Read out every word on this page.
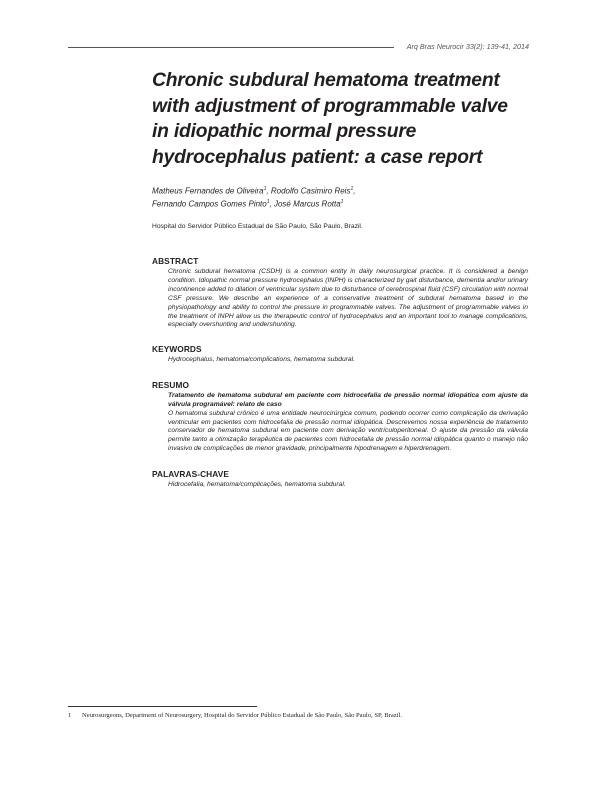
Arq Bras Neurocir 33(2): 139-41, 2014
Chronic subdural hematoma treatment with adjustment of programmable valve in idiopathic normal pressure hydrocephalus patient: a case report
Matheus Fernandes de Oliveira$^1$, Rodolfo Casimiro Reis$^1$,
Fernando Campos Gomes Pinto$^1$, José Marcus Rotta$^1$
Hospital do Servidor Público Estadual de São Paulo, São Paulo, Brazil.
ABSTRACT
Chronic subdural hematoma (CSDH) is a common entity in daily neurosurgical practice. It is considered a benign condition. Idiopathic normal pressure hydrocephalus (INPH) is characterized by gait disturbance, dementia and/or urinary incontinence added to dilation of ventricular system due to disturbance of cerebrospinal fluid (CSF) circulation with normal CSF pressure. We describe an experience of a conservative treatment of subdural hematoma based in the physiopathology and ability to control the pressure in programmable valves. The adjustment of programmable valves in the treatment of INPH allow us the therapeutic control of hydrocephalus and an important tool to manage complications, especially overshunting and undershunting.
KEYWORDS
Hydrocephalus, hematoma/complications, hematoma subdural.
RESUMO
Tratamento de hematoma subdural em paciente com hidrocefalia de pressão normal idiopática com ajuste da válvula programável: relato de caso
O hematoma subdural crônico é uma entidade neurocirúrgica comum, podendo ocorrer como complicação da derivação ventricular em pacientes com hidrocefalia de pressão normal idiopática. Descrevemos nossa experiência de tratamento conservador de hematoma subdural em paciente com derivação ventrículoperitoneal. O ajuste da pressão da válvula permite tanto a otimização terapêutica de pacientes com hidrocefalia de pressão normal idiopática quanto o manejo não invasivo de complicações de menor gravidade, principalmente hipodrenagem e hiperdrenagem.
PALAVRAS-CHAVE
Hidrocefalia, hematoma/complicações, hematoma subdural.
1 Neurosurgeons, Department of Neurosurgery, Hospital do Servidor Público Estadual de São Paulo, São Paulo, SP, Brazil.
